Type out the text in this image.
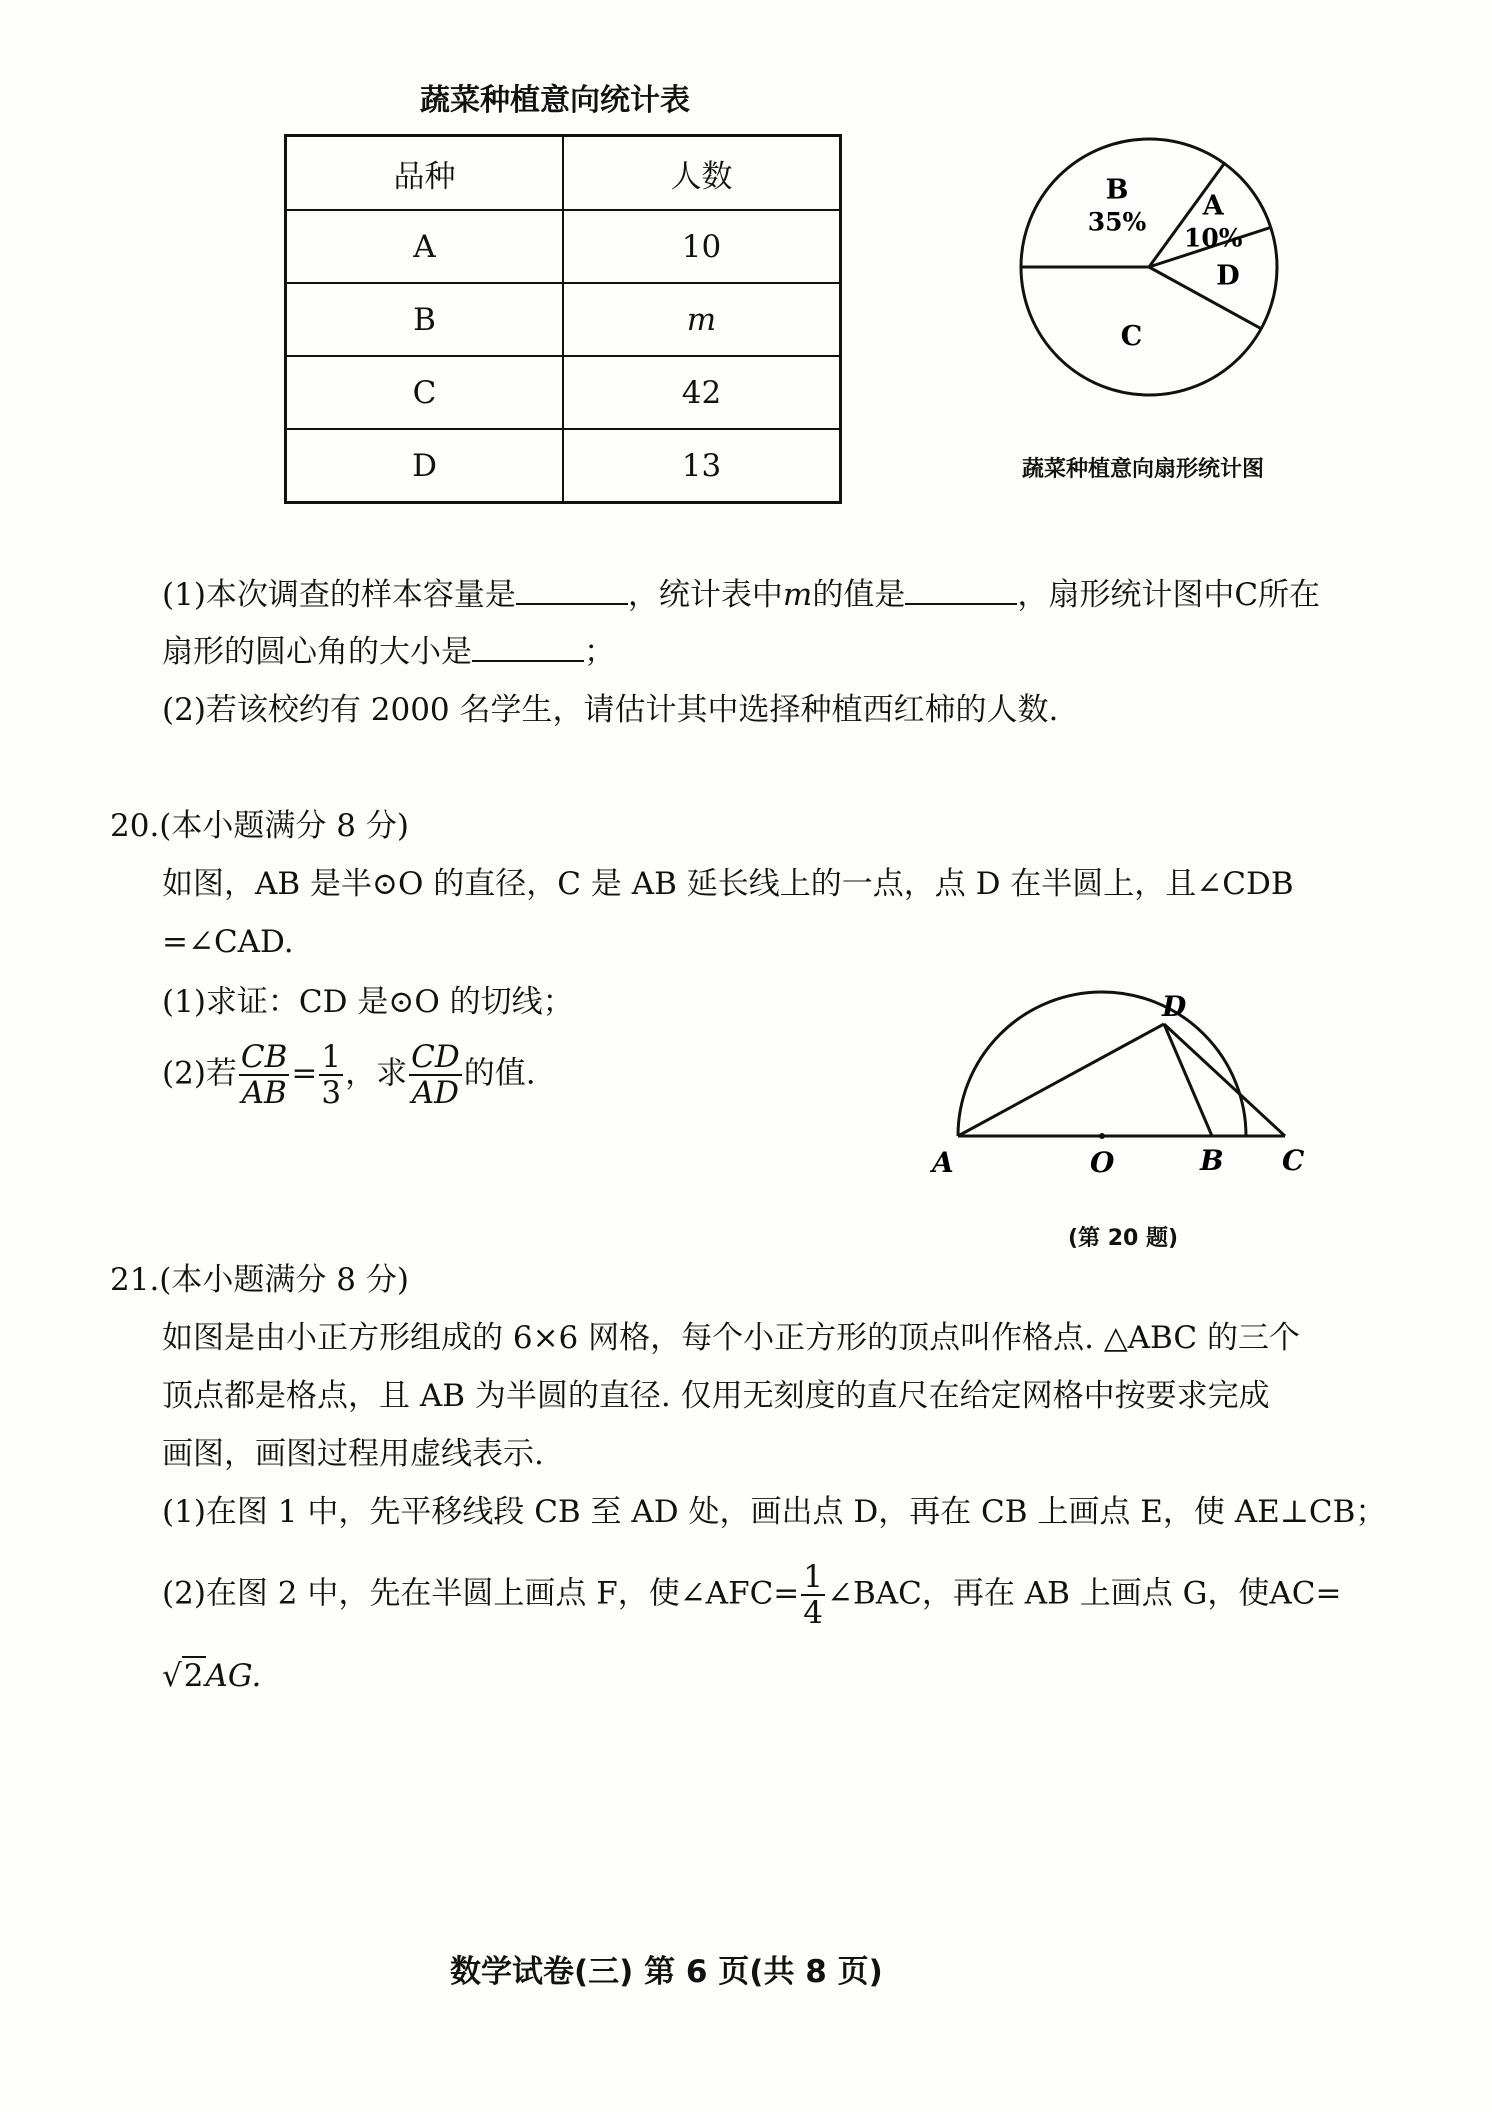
蔬菜种植意向统计表
品种	人数
A	10
B	m
C	42
D	13
B
35%
A
10%
D
C
蔬菜种植意向扇形统计图
(1)本次调查的样本容量是	，统计表中m的值是	，扇形统计图中C所在
扇形的圆心角的大小是	；
(2)若该校约有 2000 名学生，请估计其中选择种植西红柿的人数.
20.(本小题满分 8 分)
如图，AB 是半⊙O 的直径，C 是 AB 延长线上的一点，点 D 在半圆上，且∠CDB
=∠CAD.
(1)求证：CD 是⊙O 的切线；
(2)若 $\frac{CB}{AB} = \frac{1}{3}$ ，求 $\frac{CD}{AD}$ 的值.
A	O	B C
D
(第 20 题)
21.(本小题满分 8 分)
如图是由小正方形组成的 6×6 网格，每个小正方形的顶点叫作格点. △ABC 的三个
顶点都是格点，且 AB 为半圆的直径. 仅用无刻度的直尺在给定网格中按要求完成
画图，画图过程用虚线表示.
(1)在图 1 中，先平移线段 CB 至 AD 处，画出点 D，再在 CB 上画点 E，使 AE⊥CB；
(2)在图 2 中，先在半圆上画点 F，使∠AFC= $\frac{1}{4}$ ∠BAC，再在 AB 上画点 G，使AC=
√2AG.
数学试卷(三) 第 6 页(共 8 页)
